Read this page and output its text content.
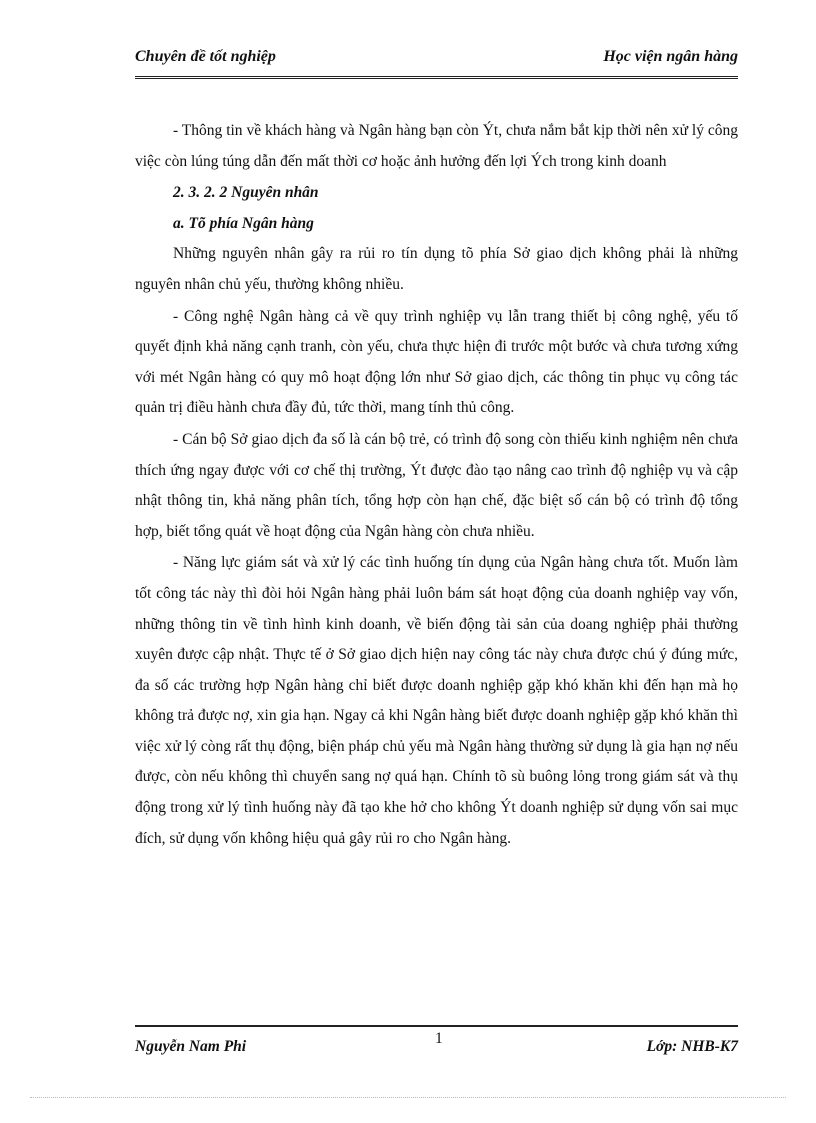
Chuyên đề tốt nghiệp	Học viện ngân hàng

- Thông tin về khách hàng và Ngân hàng bạn còn Ýt, chưa nắm bắt kịp thời nên xử lý công việc còn lúng túng dẫn đến mất thời cơ hoặc ảnh hưởng đến lợi Ých trong kinh doanh

2. 3. 2. 2 Nguyên nhân
a. Tõ phía Ngân hàng

Những nguyên nhân gây ra rủi ro tín dụng tõ phía Sở giao dịch không phải là những nguyên nhân chủ yếu, thường không nhiều.

- Công nghệ Ngân hàng cả về quy trình nghiệp vụ lẫn trang thiết bị công nghệ, yếu tố quyết định khả năng cạnh tranh, còn yếu, chưa thực hiện đi trước một bước và chưa tương xứng với mét Ngân hàng có quy mô hoạt động lớn như Sở giao dịch, các thông tin phục vụ công tác quản trị điều hành chưa đầy đủ, tức thời, mang tính thủ công.

- Cán bộ Sở giao dịch đa số là cán bộ trẻ, có trình độ song còn thiếu kinh nghiệm nên chưa thích ứng ngay được với cơ chế thị trường, Ýt được đào tạo nâng cao trình độ nghiệp vụ và cập nhật thông tin, khả năng phân tích, tổng hợp còn hạn chế, đặc biệt số cán bộ có trình độ tổng hợp, biết tổng quát về hoạt động của Ngân hàng còn chưa nhiều.

- Năng lực giám sát và xử lý các tình huống tín dụng của Ngân hàng chưa tốt. Muốn làm tốt công tác này thì đòi hỏi Ngân hàng phải luôn bám sát hoạt động của doanh nghiệp vay vốn, những thông tin về tình hình kinh doanh, về biến động tài sản của doang nghiệp phải thường xuyên được cập nhật. Thực tế ở Sở giao dịch hiện nay công tác này chưa được chú ý đúng mức, đa số các trường hợp Ngân hàng chỉ biết được doanh nghiệp gặp khó khăn khi đến hạn mà họ không trả được nợ, xin gia hạn. Ngay cả khi Ngân hàng biết được doanh nghiệp gặp khó khăn thì việc xử lý còng rất thụ động, biện pháp chủ yếu mà Ngân hàng thường sử dụng là gia hạn nợ nếu được, còn nếu không thì chuyển sang nợ quá hạn. Chính tõ sù buông lỏng trong giám sát và thụ động trong xử lý tình huống này đã tạo khe hở cho không Ýt doanh nghiệp sử dụng vốn sai mục đích, sử dụng vốn không hiệu quả gây rủi ro cho Ngân hàng.

Nguyễn Nam Phi	1	Lớp: NHB-K7
